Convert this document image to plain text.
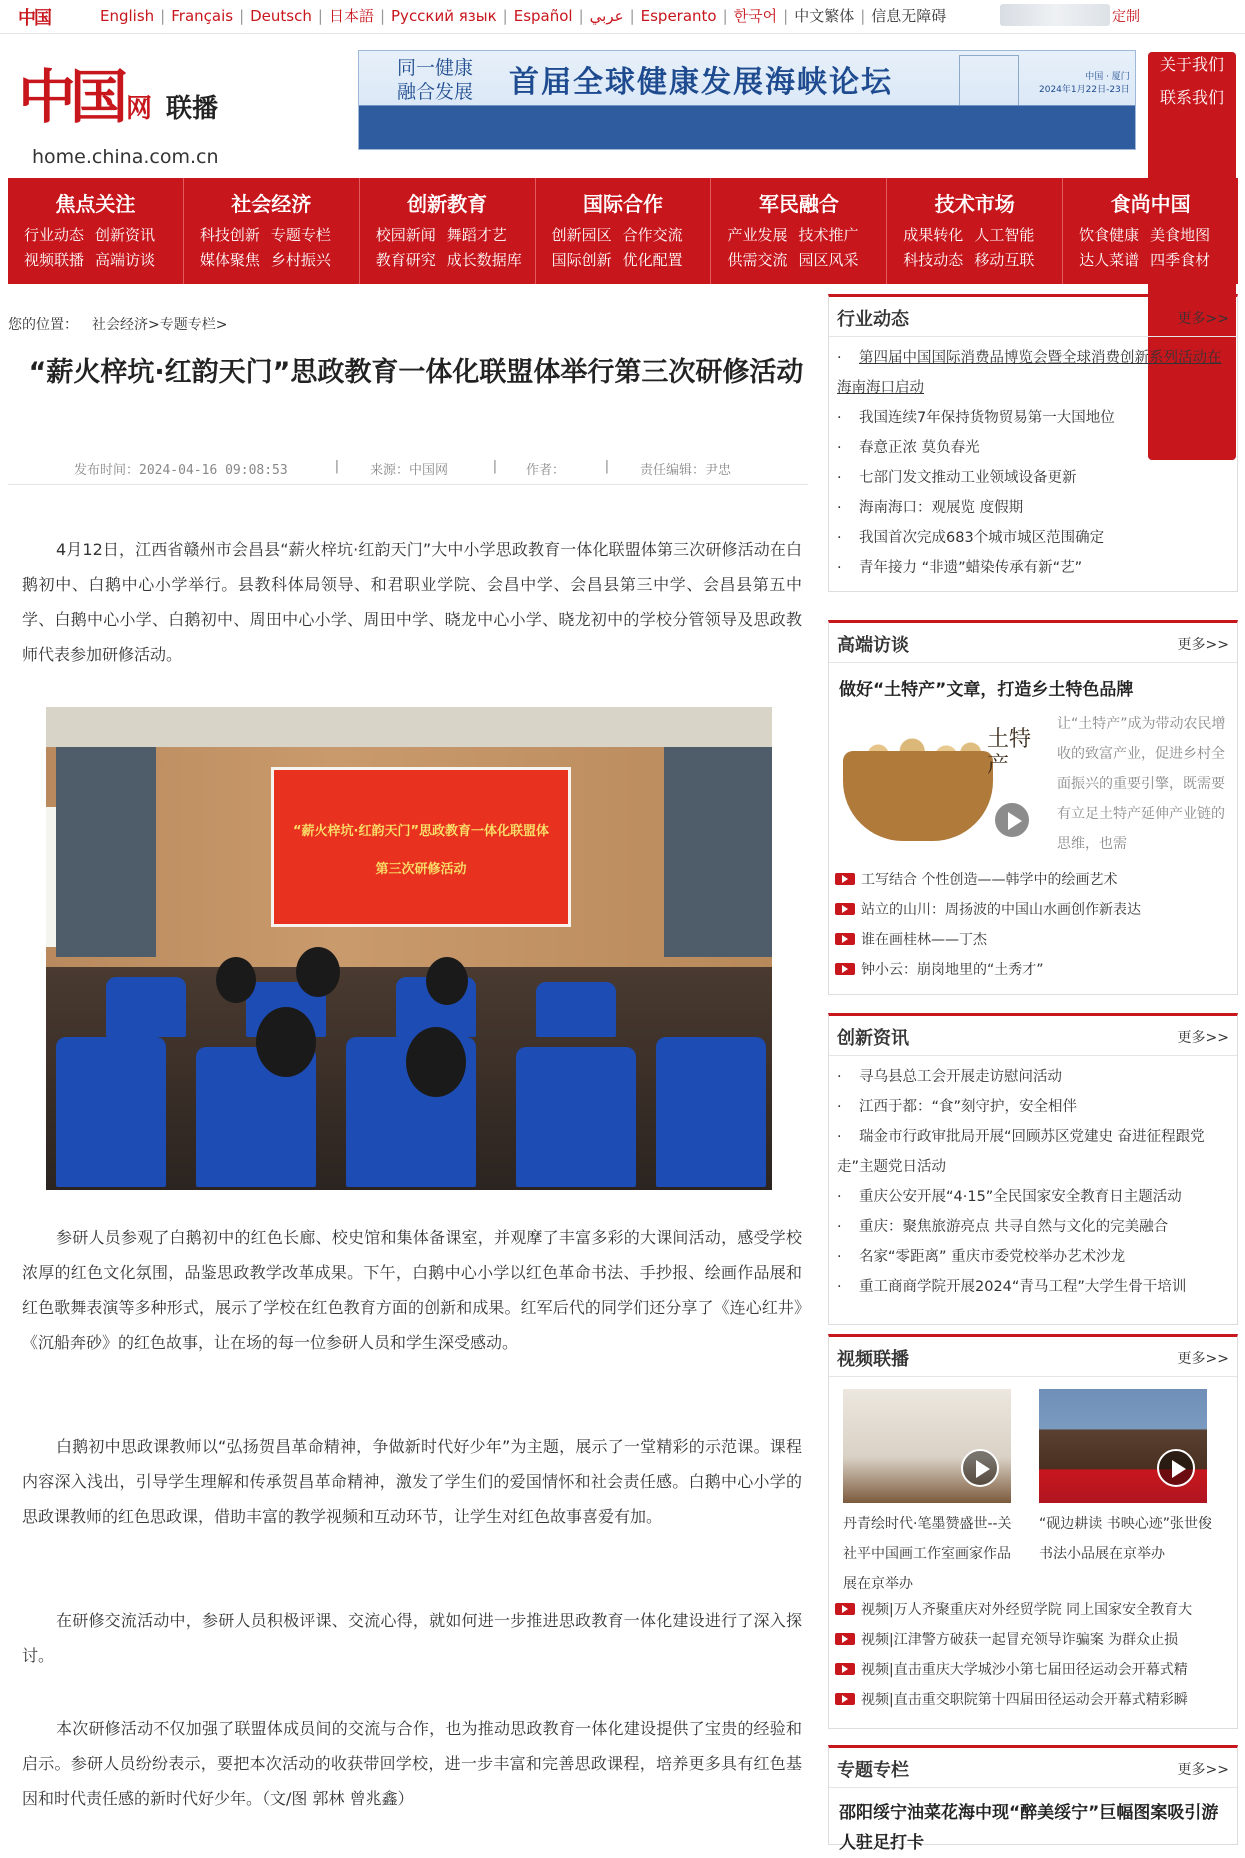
中国	English | Français | Deutsch | 日本語 | Русский язык | Español | عربي | Esperanto | 한국어 | 中文繁体 | 信息无障碍	定制
中国 网 联播
home.china.com.cn
同一健康
融合发展 首届全球健康发展海峡论坛	中国 · 厦门
2024年1月22日-23日
关于我们
联系我们
焦点关注
行业动态 创新资讯
视频联播 高端访谈
社会经济
科技创新 专题专栏
媒体聚焦 乡村振兴
创新教育
校园新闻 舞蹈才艺
教育研究 成长数据库
国际合作
创新园区 合作交流
国际创新 优化配置
军民融合
产业发展 技术推广
供需交流 园区风采
技术市场
成果转化 人工智能
科技动态 移动互联
食尚中国
饮食健康 美食地图
达人菜谱 四季食材
您的位置： 社会经济>专题专栏>
“薪火梓坑·红韵天门”思政教育一体化联盟体举行第三次研修活动
发布时间：2024-04-16 09:08:53	| 来源：中国网	| 作者：	| 责任编辑：尹忠

4月12日，江西省赣州市会昌县“薪火梓坑·红韵天门”大中小学思政教育一体化联盟体第三次研修活动在白鹅初中、白鹅中心小学举行。县教科体局领导、和君职业学院、会昌中学、会昌县第三中学、会昌县第五中学、白鹅中心小学、白鹅初中、周田中心小学、周田中学、晓龙中心小学、晓龙初中的学校分管领导及思政教师代表参加研修活动。

“薪火梓坑·红韵天门”思政教育一体化联盟体
第三次研修活动

参研人员参观了白鹅初中的红色长廊、校史馆和集体备课室，并观摩了丰富多彩的大课间活动，感受学校浓厚的红色文化氛围，品鉴思政教学改革成果。下午，白鹅中心小学以红色革命书法、手抄报、绘画作品展和红色歌舞表演等多种形式，展示了学校在红色教育方面的创新和成果。红军后代的同学们还分享了《连心红井》《沉船奔砂》的红色故事，让在场的每一位参研人员和学生深受感动。

白鹅初中思政课教师以“弘扬贺昌革命精神，争做新时代好少年”为主题，展示了一堂精彩的示范课。课程内容深入浅出，引导学生理解和传承贺昌革命精神，激发了学生们的爱国情怀和社会责任感。白鹅中心小学的思政课教师的红色思政课，借助丰富的教学视频和互动环节，让学生对红色故事喜爱有加。

在研修交流活动中，参研人员积极评课、交流心得，就如何进一步推进思政教育一体化建设进行了深入探讨。

本次研修活动不仅加强了联盟体成员间的交流与合作，也为推动思政教育一体化建设提供了宝贵的经验和启示。参研人员纷纷表示，要把本次活动的收获带回学校，进一步丰富和完善思政课程，培养更多具有红色基因和时代责任感的新时代好少年。（文/图 郭林 曾兆鑫）

行业动态	更多>>
· 第四届中国国际消费品博览会暨全球消费创新系列活动在海南海口启动
· 我国连续7年保持货物贸易第一大国地位
· 春意正浓 莫负春光
· 七部门发文推动工业领域设备更新
· 海南海口：观展览 度假期
· 我国首次完成683个城市城区范围确定
· 青年接力 “非遗”蜡染传承有新“艺”
高端访谈	更多>>
做好“土特产”文章，打造乡土特色品牌
土特产
让“土特产”成为带动农民增收的致富产业，促进乡村全面振兴的重要引擎，既需要有立足土特产延伸产业链的思维，也需
工写结合 个性创造——韩学中的绘画艺术
站立的山川：周扬波的中国山水画创作新表达
谁在画桂林——丁杰
钟小云：崩岗地里的“土秀才”
创新资讯	更多>>
· 寻乌县总工会开展走访慰问活动
· 江西于都：“食”刻守护，安全相伴
· 瑞金市行政审批局开展“回顾苏区党建史 奋进征程跟党走”主题党日活动
· 重庆公安开展“4·15”全民国家安全教育日主题活动
· 重庆：聚焦旅游亮点 共寻自然与文化的完美融合
· 名家“零距离” 重庆市委党校举办艺术沙龙
· 重工商商学院开展2024“青马工程”大学生骨干培训
视频联播	更多>>
丹青绘时代·笔墨赞盛世--关社平中国画工作室画家作品展在京举办
“砚边耕读 书映心迹”张世俊书法小品展在京举办
视频|万人齐聚重庆对外经贸学院 同上国家安全教育大
视频|江津警方破获一起冒充领导诈骗案 为群众止损
视频|直击重庆大学城沙小第七届田径运动会开幕式精
视频|直击重交职院第十四届田径运动会开幕式精彩瞬
专题专栏	更多>>
邵阳绥宁油菜花海中现“醉美绥宁”巨幅图案吸引游人驻足打卡
